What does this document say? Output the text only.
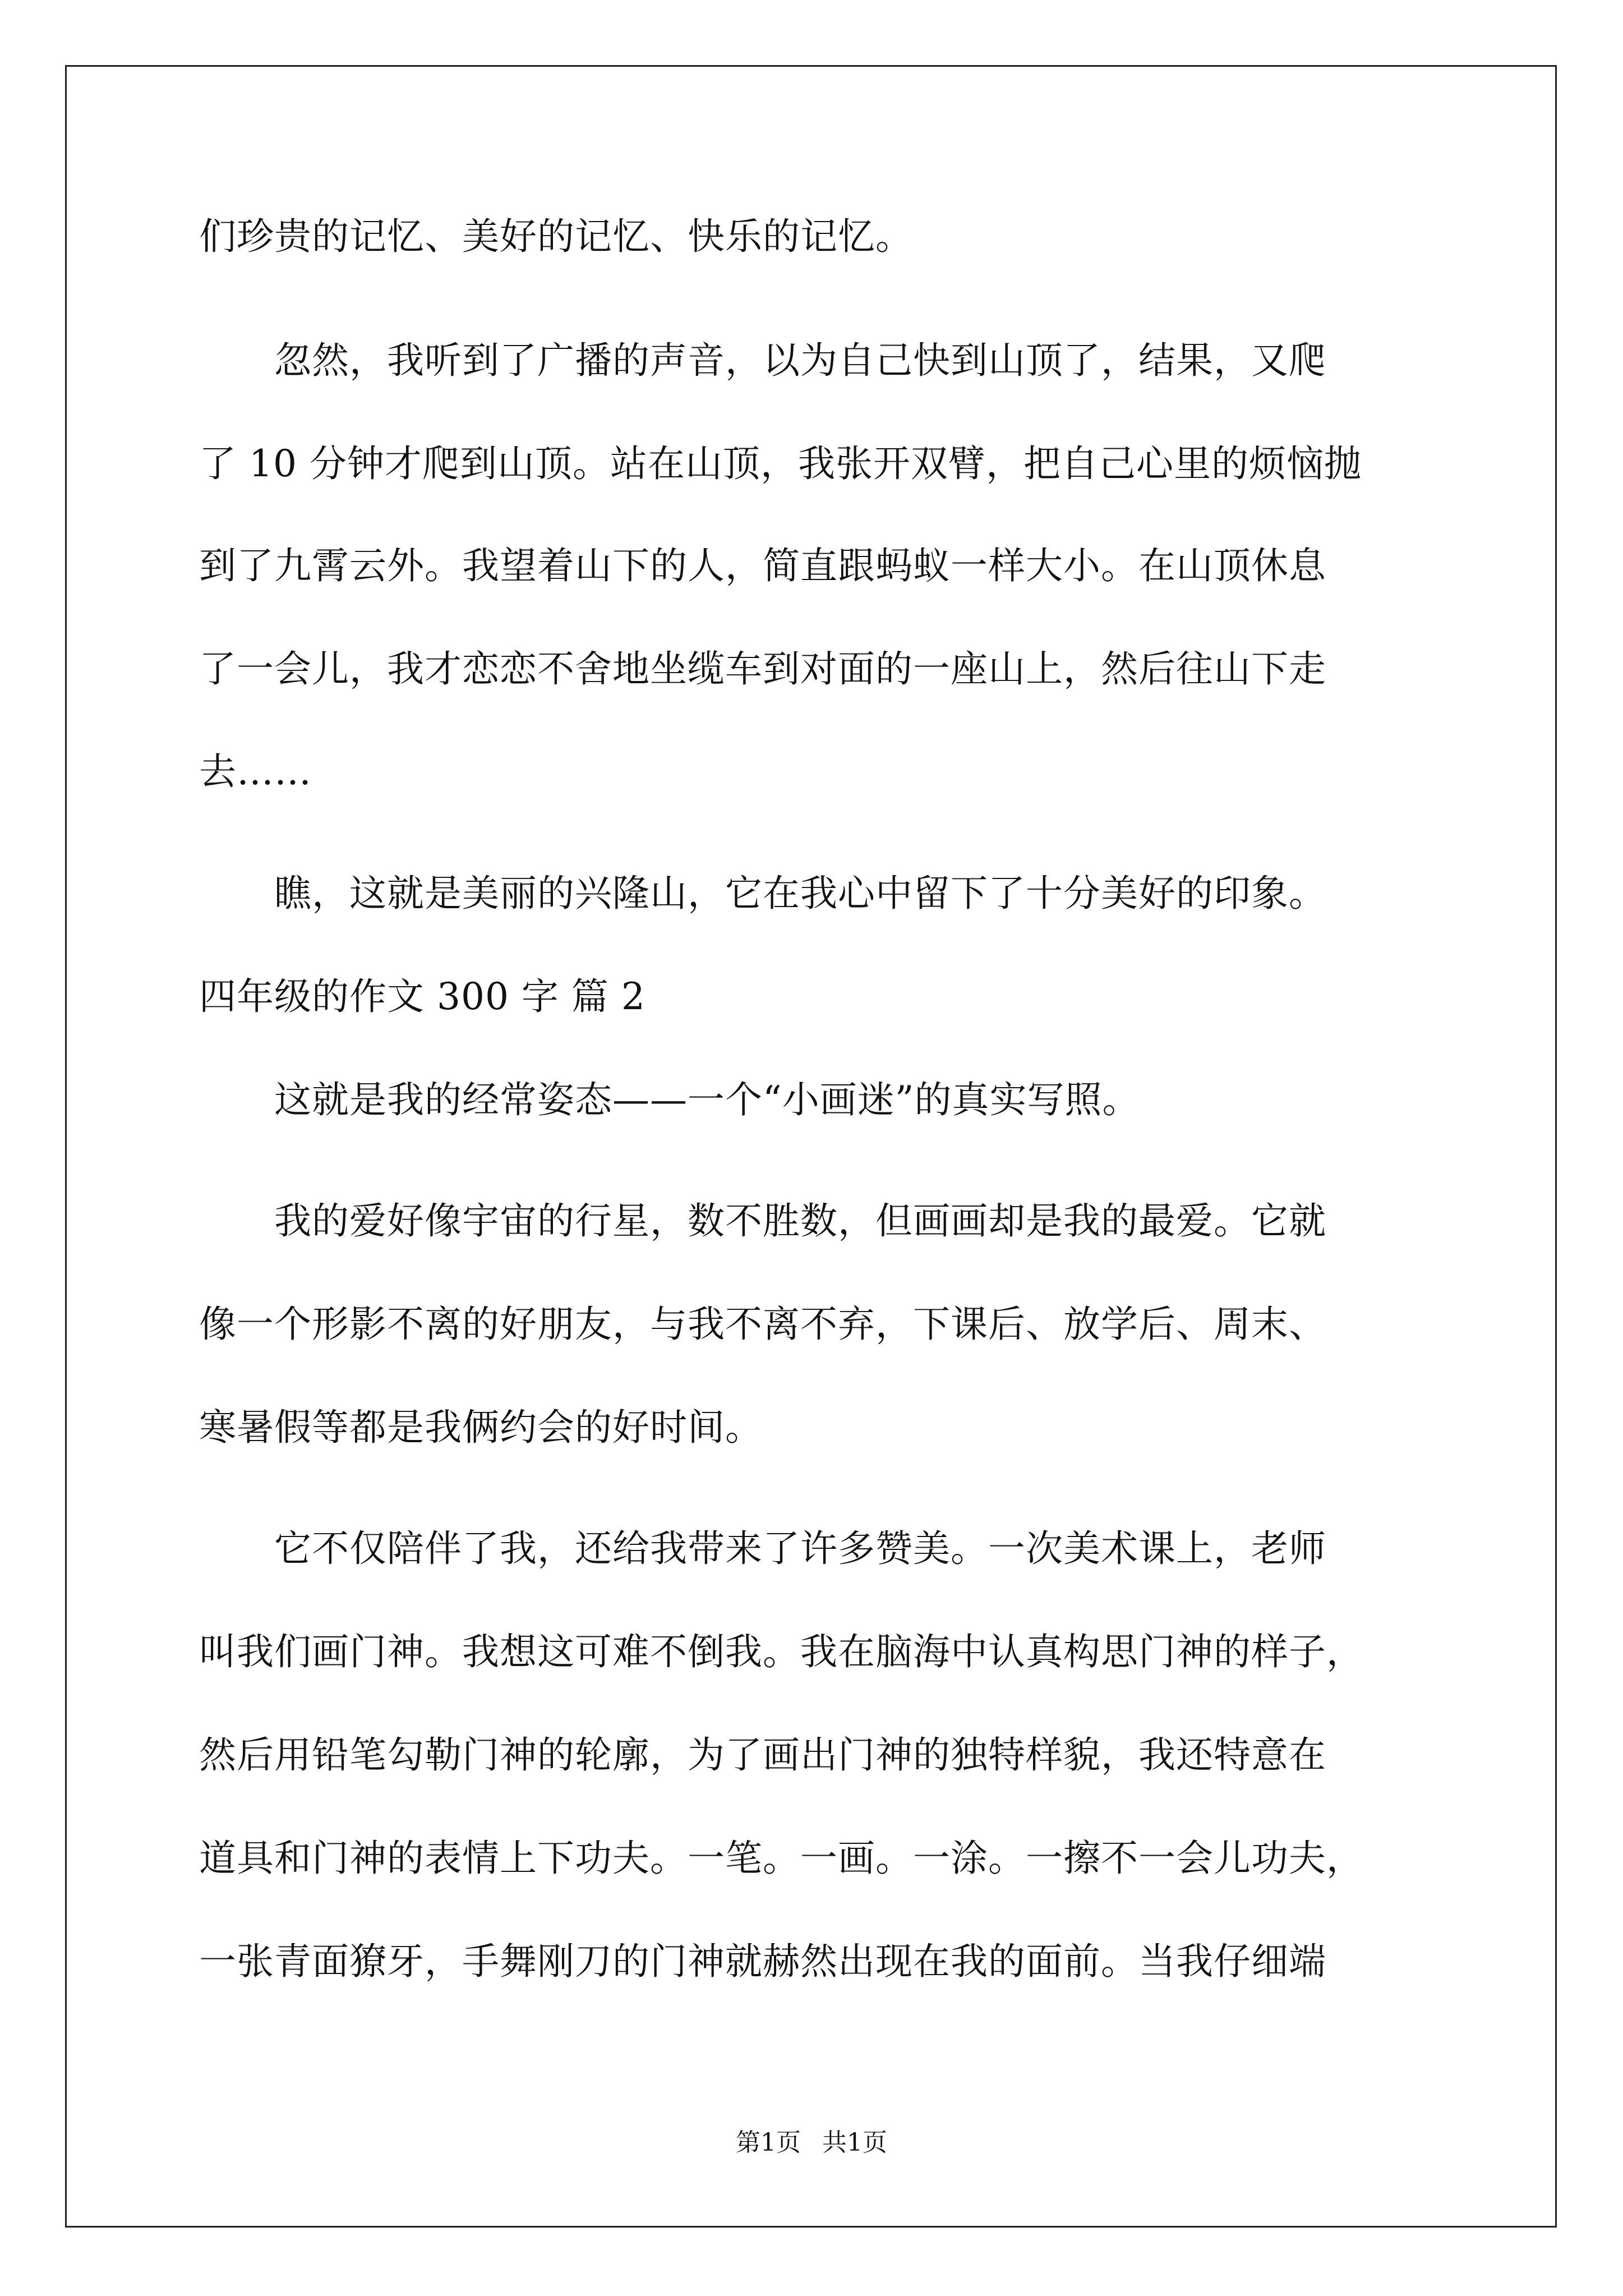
们珍贵的记忆、美好的记忆、快乐的记忆。
　　忽然，我听到了广播的声音，以为自己快到山顶了，结果，又爬
了 10 分钟才爬到山顶。站在山顶，我张开双臂，把自己心里的烦恼抛
到了九霄云外。我望着山下的人，简直跟蚂蚁一样大小。在山顶休息
了一会儿，我才恋恋不舍地坐缆车到对面的一座山上，然后往山下走
去……
　　瞧，这就是美丽的兴隆山，它在我心中留下了十分美好的印象。
四年级的作文 300 字 篇 2
　　这就是我的经常姿态——一个“小画迷”的真实写照。
　　我的爱好像宇宙的行星，数不胜数，但画画却是我的最爱。它就
像一个形影不离的好朋友，与我不离不弃，下课后、放学后、周末、
寒暑假等都是我俩约会的好时间。
　　它不仅陪伴了我，还给我带来了许多赞美。一次美术课上，老师
叫我们画门神。我想这可难不倒我。我在脑海中认真构思门神的样子，
然后用铅笔勾勒门神的轮廓，为了画出门神的独特样貌，我还特意在
道具和门神的表情上下功夫。一笔。一画。一涂。一擦不一会儿功夫，
一张青面獠牙，手舞刚刀的门神就赫然出现在我的面前。当我仔细端
第1页 共1页
